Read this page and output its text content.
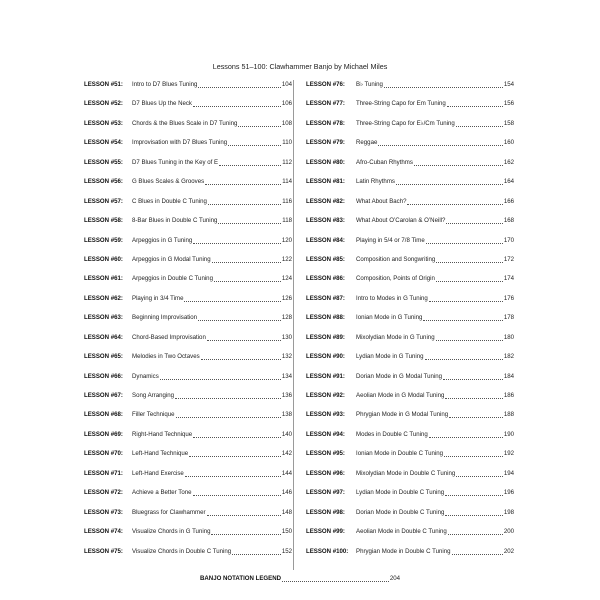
Lessons 51–100: Clawhammer Banjo by Michael Miles
LESSON #51:	Intro to D7 Blues Tuning	104
LESSON #52:	D7 Blues Up the Neck	106
LESSON #53:	Chords & the Blues Scale in D7 Tuning	108
LESSON #54:	Improvisation with D7 Blues Tuning	110
LESSON #55:	D7 Blues Tuning in the Key of E	112
LESSON #56:	G Blues Scales & Grooves	114
LESSON #57:	C Blues in Double C Tuning	116
LESSON #58:	8-Bar Blues in Double C Tuning	118
LESSON #59:	Arpeggios in G Tuning	120
LESSON #60:	Arpeggios in G Modal Tuning	122
LESSON #61:	Arpeggios in Double C Tuning	124
LESSON #62:	Playing in 3/4 Time	126
LESSON #63:	Beginning Improvisation	128
LESSON #64:	Chord-Based Improvisation	130
LESSON #65:	Melodies in Two Octaves	132
LESSON #66:	Dynamics	134
LESSON #67:	Song Arranging	136
LESSON #68:	Filler Technique	138
LESSON #69:	Right-Hand Technique	140
LESSON #70:	Left-Hand Technique	142
LESSON #71:	Left-Hand Exercise	144
LESSON #72:	Achieve a Better Tone	146
LESSON #73:	Bluegrass for Clawhammer	148
LESSON #74:	Visualize Chords in G Tuning	150
LESSON #75:	Visualize Chords in Double C Tuning	152
LESSON #76:	B♭ Tuning	154
LESSON #77:	Three-String Capo for Em Tuning	156
LESSON #78:	Three-String Capo for E♭/Cm Tuning	158
LESSON #79:	Reggae	160
LESSON #80:	Afro-Cuban Rhythms	162
LESSON #81:	Latin Rhythms	164
LESSON #82:	What About Bach?	166
LESSON #83:	What About O’Carolan & O’Neill?	168
LESSON #84:	Playing in 5/4 or 7/8 Time	170
LESSON #85:	Composition and Songwriting	172
LESSON #86:	Composition, Points of Origin	174
LESSON #87:	Intro to Modes in G Tuning	176
LESSON #88:	Ionian Mode in G Tuning	178
LESSON #89:	Mixolydian Mode in G Tuning	180
LESSON #90:	Lydian Mode in G Tuning	182
LESSON #91:	Dorian Mode in G Modal Tuning	184
LESSON #92:	Aeolian Mode in G Modal Tuning	186
LESSON #93:	Phrygian Mode in G Modal Tuning	188
LESSON #94:	Modes in Double C Tuning	190
LESSON #95:	Ionian Mode in Double C Tuning	192
LESSON #96:	Mixolydian Mode in Double C Tuning	194
LESSON #97:	Lydian Mode in Double C Tuning	196
LESSON #98:	Dorian Mode in Double C Tuning	198
LESSON #99:	Aeolian Mode in Double C Tuning	200
LESSON #100:	Phrygian Mode in Double C Tuning	202
BANJO NOTATION LEGEND	204
